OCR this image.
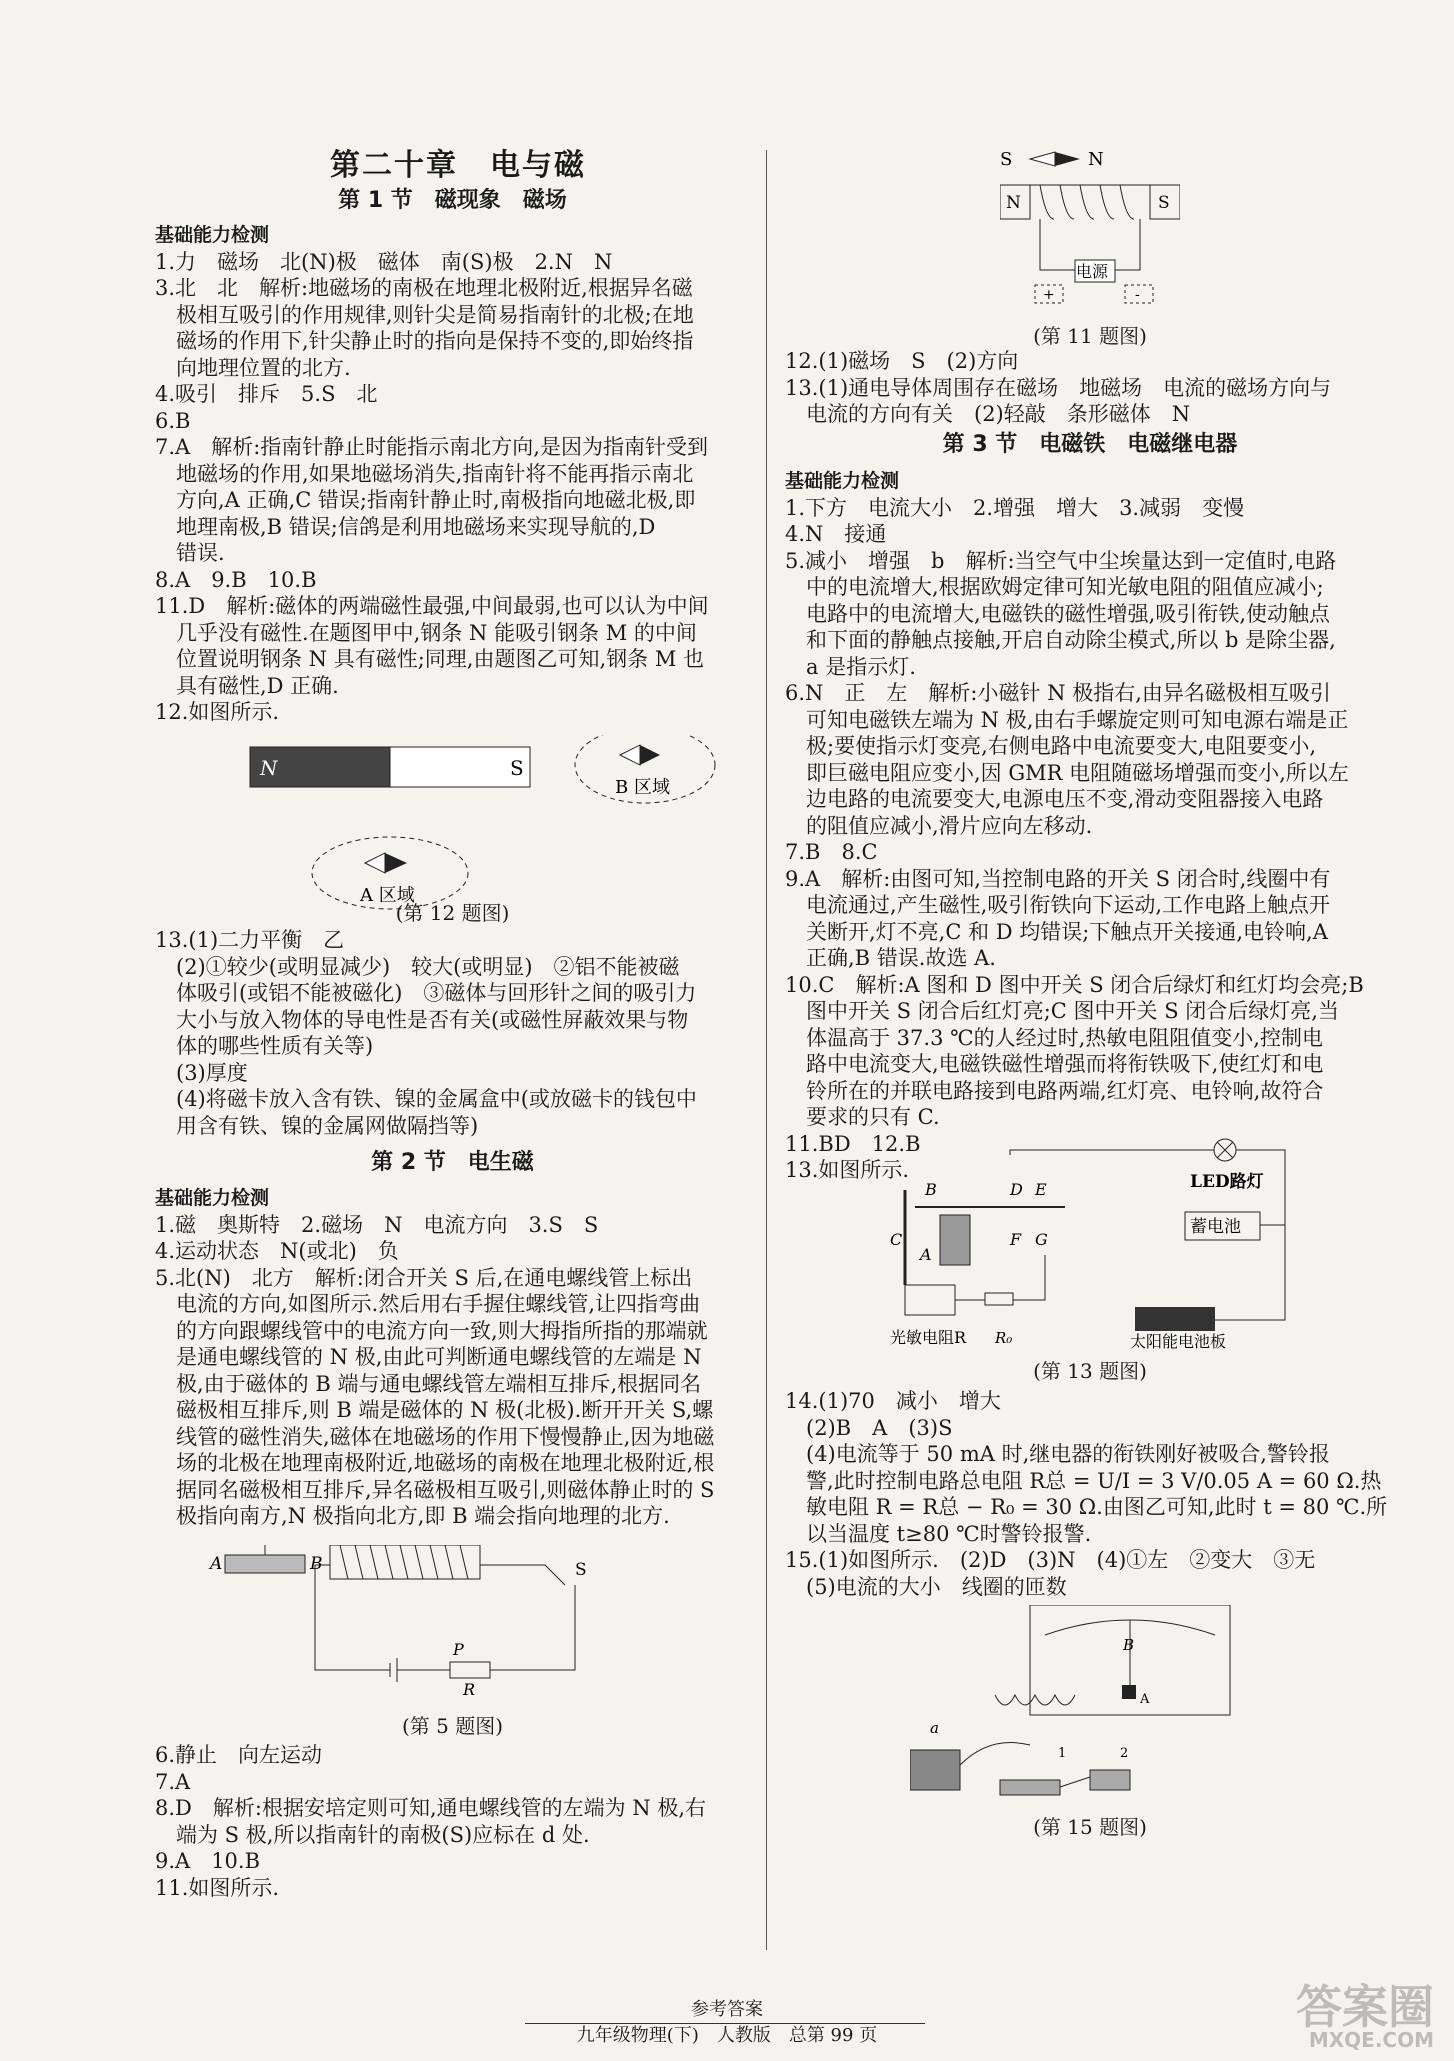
第二十章　电与磁
第 1 节　磁现象　磁场

基础能力检测

1.力　磁场　北(N)极　磁体　南(S)极　2.N　N

3.北　北　解析:地磁场的南极在地理北极附近,根据异名磁

　极相互吸引的作用规律,则针尖是简易指南针的北极;在地

　磁场的作用下,针尖静止时的指向是保持不变的,即始终指

　向地理位置的北方.

4.吸引　排斥　5.S　北

6.B

7.A　解析:指南针静止时能指示南北方向,是因为指南针受到

　地磁场的作用,如果地磁场消失,指南针将不能再指示南北

　方向,A 正确,C 错误;指南针静止时,南极指向地磁北极,即

　地理南极,B 错误;信鸽是利用地磁场来实现导航的,D

　错误.

8.A　9.B　10.B

11.D　解析:磁体的两端磁性最强,中间最弱,也可以认为中间

　几乎没有磁性.在题图甲中,钢条 N 能吸引钢条 M 的中间

　位置说明钢条 N 具有磁性;同理,由题图乙可知,钢条 M 也

　具有磁性,D 正确.

12.如图所示.

N	S
B 区域
A 区域

(第 12 题图)

13.(1)二力平衡　乙

　(2)①较少(或明显减少)　较大(或明显)　②铝不能被磁

　体吸引(或铝不能被磁化)　③磁体与回形针之间的吸引力

　大小与放入物体的导电性是否有关(或磁性屏蔽效果与物

　体的哪些性质有关等)

　(3)厚度

　(4)将磁卡放入含有铁、镍的金属盒中(或放磁卡的钱包中

　用含有铁、镍的金属网做隔挡等)

第 2 节　电生磁

基础能力检测

1.磁　奥斯特　2.磁场　N　电流方向　3.S　S

4.运动状态　N(或北)　负

5.北(N)　北方　解析:闭合开关 S 后,在通电螺线管上标出

　电流的方向,如图所示.然后用右手握住螺线管,让四指弯曲

　的方向跟螺线管中的电流方向一致,则大拇指所指的那端就

　是通电螺线管的 N 极,由此可判断通电螺线管的左端是 N

　极,由于磁体的 B 端与通电螺线管左端相互排斥,根据同名

　磁极相互排斥,则 B 端是磁体的 N 极(北极).断开开关 S,螺

　线管的磁性消失,磁体在地磁场的作用下慢慢静止,因为地磁

　场的北极在地理南极附近,地磁场的南极在地理北极附近,根

　据同名磁极相互排斥,异名磁极相互吸引,则磁体静止时的 S

　极指向南方,N 极指向北方,即 B 端会指向地理的北方.

A	B
P
R
S

(第 5 题图)

6.静止　向左运动

7.A

8.D　解析:根据安培定则可知,通电螺线管的左端为 N 极,右

　端为 S 极,所以指南针的南极(S)应标在 d 处.

9.A　10.B

11.如图所示.

S	N
N	S
电源
+	-

(第 11 题图)

12.(1)磁场　S　(2)方向

13.(1)通电导体周围存在磁场　地磁场　电流的磁场方向与

　电流的方向有关　(2)轻敲　条形磁体　N

第 3 节　电磁铁　电磁继电器

基础能力检测

1.下方　电流大小　2.增强　增大　3.减弱　变慢

4.N　接通

5.减小　增强　b　解析:当空气中尘埃量达到一定值时,电路

　中的电流增大,根据欧姆定律可知光敏电阻的阻值应减小;

　电路中的电流增大,电磁铁的磁性增强,吸引衔铁,使动触点

　和下面的静触点接触,开启自动除尘模式,所以 b 是除尘器,

　a 是指示灯.

6.N　正　左　解析:小磁针 N 极指右,由异名磁极相互吸引

　可知电磁铁左端为 N 极,由右手螺旋定则可知电源右端是正

　极;要使指示灯变亮,右侧电路中电流要变大,电阻要变小,

　即巨磁电阻应变小,因 GMR 电阻随磁场增强而变小,所以左

　边电路的电流要变大,电源电压不变,滑动变阻器接入电路

　的阻值应减小,滑片应向左移动.

7.B　8.C

9.A　解析:由图可知,当控制电路的开关 S 闭合时,线圈中有

　电流通过,产生磁性,吸引衔铁向下运动,工作电路上触点开

　关断开,灯不亮,C 和 D 均错误;下触点开关接通,电铃响,A

　正确,B 错误.故选 A.

10.C　解析:A 图和 D 图中开关 S 闭合后绿灯和红灯均会亮;B

　图中开关 S 闭合后红灯亮;C 图中开关 S 闭合后绿灯亮,当

　体温高于 37.3 ℃的人经过时,热敏电阻阻值变小,控制电

　路中电流变大,电磁铁磁性增强而将衔铁吸下,使红灯和电

　铃所在的并联电路接到电路两端,红灯亮、电铃响,故符合

　要求的只有 C.

11.BD　12.B

13.如图所示.	LED路灯
蓄电池
太阳能电池板
B
C
A
D E
F G
光敏电阻R R₀

(第 13 题图)

14.(1)70　减小　增大

　(2)B　A　(3)S

　(4)电流等于 50 mA 时,继电器的衔铁刚好被吸合,警铃报

　警,此时控制电路总电阻 R总 = U/I = 3 V/0.05 A = 60 Ω.热

　敏电阻 R = R总 − R₀ = 30 Ω.由图乙可知,此时 t = 80 ℃.所

　以当温度 t≥80 ℃时警铃报警.

15.(1)如图所示.　(2)D　(3)N　(4)①左　②变大　③无

　(5)电流的大小　线圈的匝数

B
A
a
1	2

(第 15 题图)

参考答案
九年级物理(下)　人教版　总第 99 页
答案圈
MXQE.COM
